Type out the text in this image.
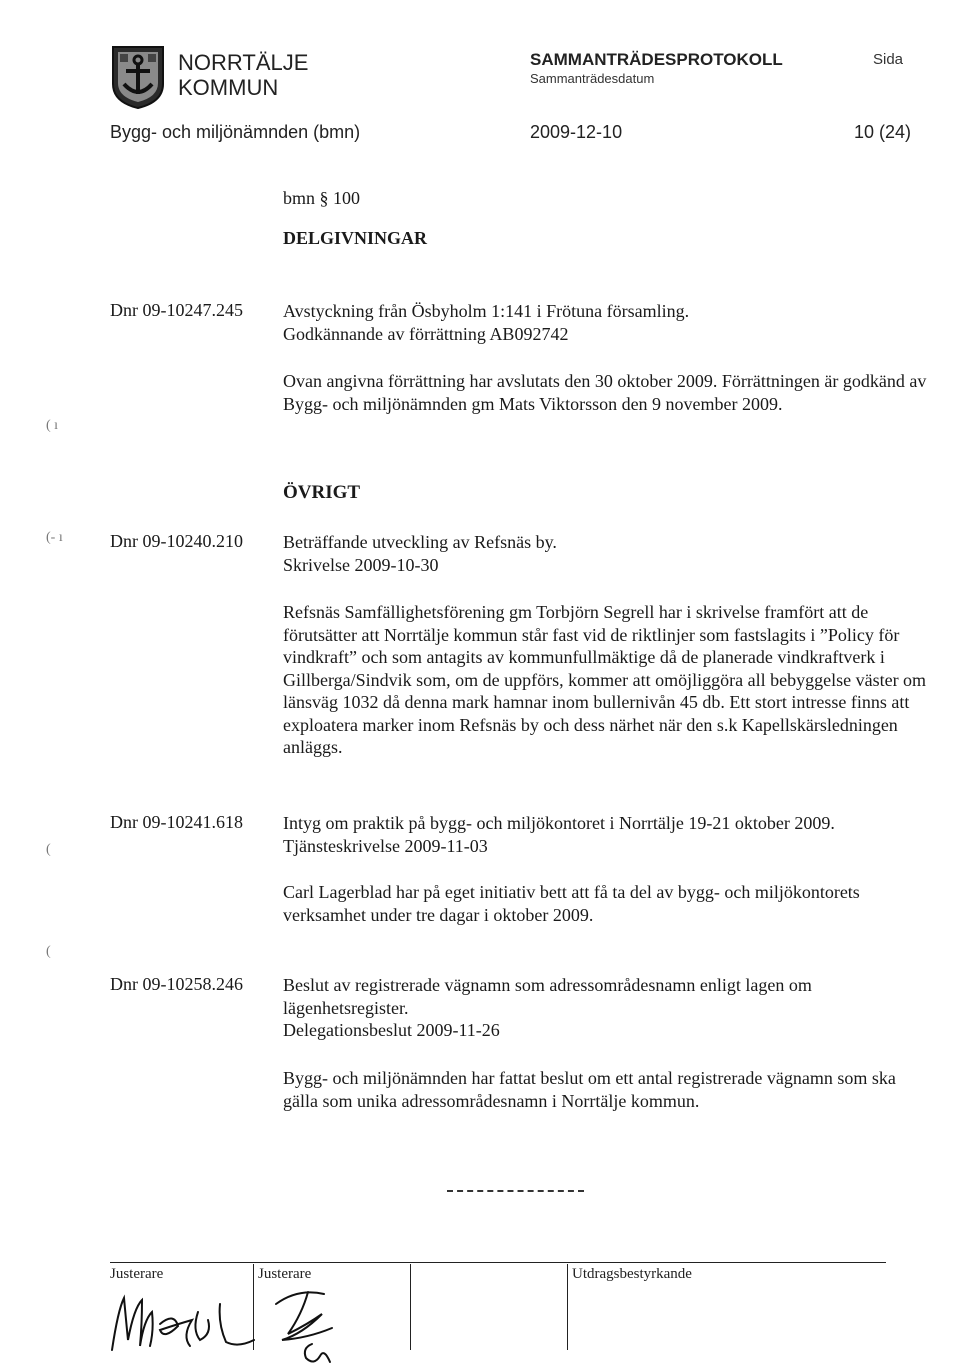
NORRTÄLJE
KOMMUN
SAMMANTRÄDESPROTOKOLL
Sammanträdesdatum
Sida
Bygg- och miljönämnden (bmn)	2009-12-10	10 (24)
bmn § 100
DELGIVNINGAR
Dnr 09-10247.245 Avstyckning från Ösbyholm 1:141 i Frötuna församling.

Godkännande av förrättning AB092742

Ovan angivna förrättning har avslutats den 30 oktober 2009. Förrättningen är godkänd av Bygg- och miljönämnden gm Mats Viktorsson den 9 november 2009.

( ı
ÖVRIGT
(- ı	Dnr 09-10240.210 Beträffande utveckling av Refsnäs by.

Skrivelse 2009-10-30

Refsnäs Samfällighetsförening gm Torbjörn Segrell har i skrivelse framfört att de förutsätter att Norrtälje kommun står fast vid de riktlinjer som fastslagits i ”Policy för vindkraft” och som antagits av kommunfullmäktige då de planerade vindkraftverk i Gillberga/Sindvik som, om de uppförs, kommer att omöjliggöra all bebyggelse väster om länsväg 1032 då denna mark hamnar inom bullernivån 45 db. Ett stort intresse finns att exploatera marker inom Refsnäs by och dess närhet när den s.k Kapellskärsledningen anläggs.

(
Dnr 09-10241.618 Intyg om praktik på bygg- och miljökontoret i Norrtälje 19-21 oktober 2009.

Tjänsteskrivelse 2009-11-03

Carl Lagerblad har på eget initiativ bett att få ta del av bygg- och miljökontorets verksamhet under tre dagar i oktober 2009.

(
Dnr 09-10258.246 Beslut av registrerade vägnamn som adressområdesnamn enligt lagen om lägenhetsregister.

Delegationsbeslut 2009-11-26

Bygg- och miljönämnden har fattat beslut om ett antal registrerade vägnamn som ska gälla som unika adressområdesnamn i Norrtälje kommun.

Justerare	Justerare	Utdragsbestyrkande
